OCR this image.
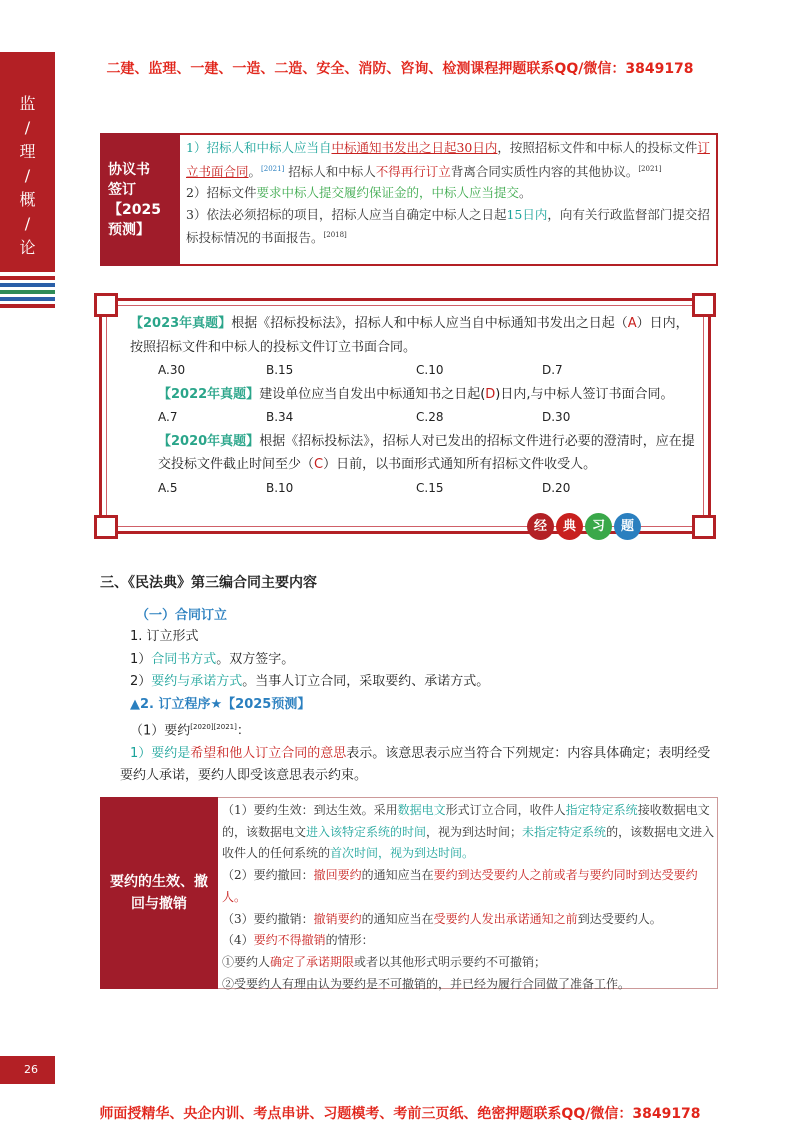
二建、监理、一建、一造、二造、安全、消防、咨询、检测课程押题联系QQ/微信：3849178
监
/
理
/
概
/
论
协议书
签订【2025
预测】
1）招标人和中标人应当自中标通知书发出之日起30日内，按照招标文件和中标人的投标文件订立书面合同。[2021] 招标人和中标人不得再行订立背离合同实质性内容的其他协议。[2021]
2）招标文件要求中标人提交履约保证金的，中标人应当提交。
3）依法必须招标的项目，招标人应当自确定中标人之日起15日内，向有关行政监督部门提交招标投标情况的书面报告。[2018]
【2023年真题】根据《招标投标法》，招标人和中标人应当自中标通知书发出之日起（A）日内，按照招标文件和中标人的投标文件订立书面合同。
A.30	B.15	C.10	D.7
【2022年真题】建设单位应当自发出中标通知书之日起(D)日内,与中标人签订书面合同。
A.7	B.34	C.28	D.30
【2020年真题】根据《招标投标法》，招标人对已发出的招标文件进行必要的澄清时，应在提交投标文件截止时间至少（C）日前，以书面形式通知所有招标文件收受人。
A.5	B.10	C.15	D.20
经	典	习	题
三、《民法典》第三编合同主要内容
（一）合同订立
1. 订立形式
1）合同书方式。双方签字。
2）要约与承诺方式。当事人订立合同，采取要约、承诺方式。
▲2. 订立程序★【2025预测】
（1）要约[2020][2021]：
1）要约是希望和他人订立合同的意思表示。该意思表示应当符合下列规定：内容具体确定；表明经受要约人承诺，要约人即受该意思表示约束。
要约的生效、撤回与撤销
（1）要约生效：到达生效。采用数据电文形式订立合同，收件人指定特定系统接收数据电文的，该数据电文进入该特定系统的时间，视为到达时间；未指定特定系统的，该数据电文进入收件人的任何系统的首次时间，视为到达时间。
（2）要约撤回：撤回要约的通知应当在要约到达受要约人之前或者与要约同时到达受要约人。
（3）要约撤销：撤销要约的通知应当在受要约人发出承诺通知之前到达受要约人。
（4）要约不得撤销的情形：
①要约人确定了承诺期限或者以其他形式明示要约不可撤销；
②受要约人有理由认为要约是不可撤销的，并已经为履行合同做了准备工作。
26
师面授精华、央企内训、考点串讲、习题模考、考前三页纸、绝密押题联系QQ/微信：3849178
